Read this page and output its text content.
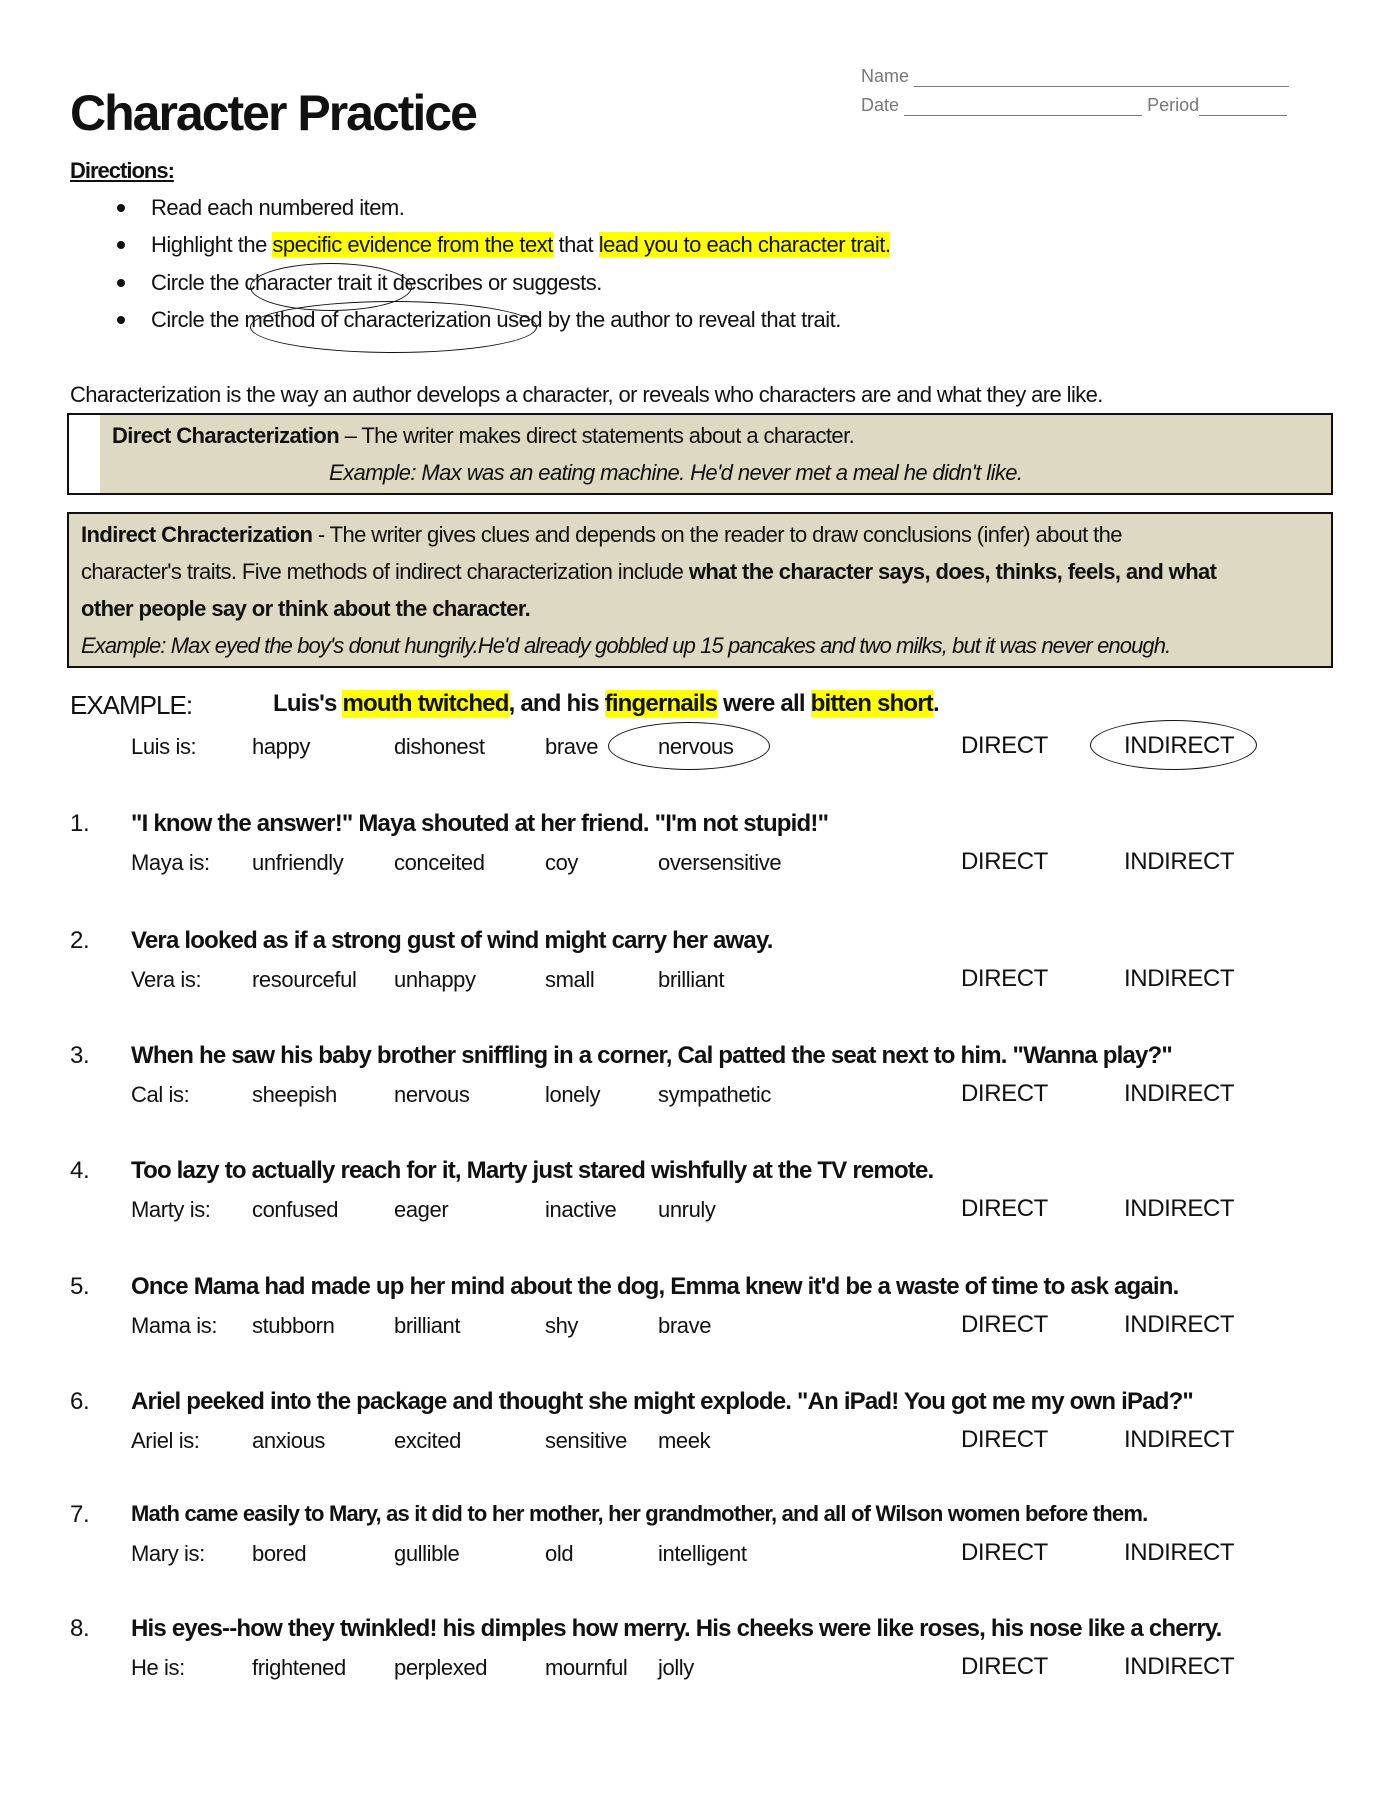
Character Practice
Name
Date	Period
Directions:
Read each numbered item.
Highlight the specific evidence from the text that lead you to each character trait.
Circle the character trait it describes or suggests.
Circle the method of characterization used by the author to reveal that trait.
Characterization is the way an author develops a character, or reveals who characters are and what they are like.
Direct Characterization – The writer makes direct statements about a character.
Example: Max was an eating machine. He'd never met a meal he didn't like.
Indirect Chracterization - The writer gives clues and depends on the reader to draw conclusions (infer) about the
character's traits. Five methods of indirect characterization include what the character says, does, thinks, feels, and what
other people say or think about the character.
Example: Max eyed the boy's donut hungrily.He'd already gobbled up 15 pancakes and two milks, but it was never enough.
EXAMPLE:	Luis's mouth twitched, and his fingernails were all bitten short.
Luis is:	happy	dishonest	brave	nervous	DIRECT	INDIRECT
1. "I know the answer!" Maya shouted at her friend. "I'm not stupid!"
Maya is: unfriendly conceited	coy	oversensitive	DIRECT	INDIRECT
2. Vera looked as if a strong gust of wind might carry her away.
Vera is: resourceful unhappy	small	brilliant	DIRECT	INDIRECT
3. When he saw his baby brother sniffling in a corner, Cal patted the seat next to him. "Wanna play?"
Cal is:	sheepish	nervous	lonely	sympathetic	DIRECT	INDIRECT
4. Too lazy to actually reach for it, Marty just stared wishfully at the TV remote.
Marty is: confused	eager	inactive unruly	DIRECT	INDIRECT
5. Once Mama had made up her mind about the dog, Emma knew it'd be a waste of time to ask again.
Mama is: stubborn	brilliant	shy	brave	DIRECT	INDIRECT
6. Ariel peeked into the package and thought she might explode. "An iPad! You got me my own iPad?"
Ariel is: anxious	excited	sensitive meek	DIRECT	INDIRECT
7. Math came easily to Mary, as it did to her mother, her grandmother, and all of Wilson women before them.
Mary is: bored	gullible	old	intelligent	DIRECT	INDIRECT
8. His eyes--how they twinkled! his dimples how merry. His cheeks were like roses, his nose like a cherry.
He is:	frightened perplexed	mournful jolly	DIRECT	INDIRECT
